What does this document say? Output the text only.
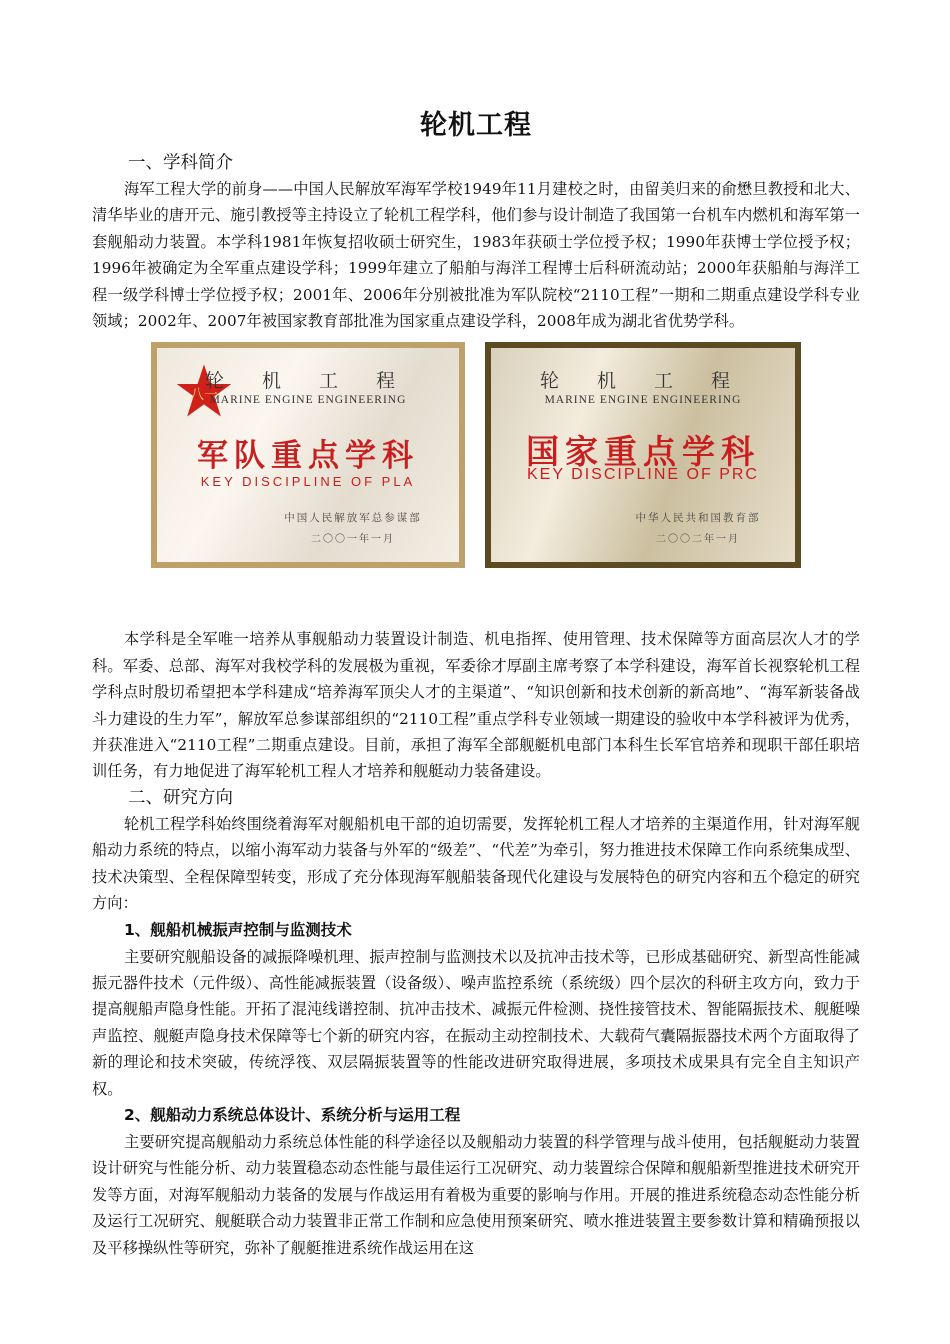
轮机工程
一、学科简介

海军工程大学的前身——中国人民解放军海军学校1949年11月建校之时，由留美归来的俞懋旦教授和北大、清华毕业的唐开元、施引教授等主持设立了轮机工程学科，他们参与设计制造了我国第一台机车内燃机和海军第一套舰船动力装置。本学科1981年恢复招收硕士研究生，1983年获硕士学位授予权；1990年获博士学位授予权；1996年被确定为全军重点建设学科；1999年建立了船舶与海洋工程博士后科研流动站；2000年获船舶与海洋工程一级学科博士学位授予权；2001年、2006年分别被批准为军队院校“2110工程”一期和二期重点建设学科专业领域；2002年、2007年被国家教育部批准为国家重点建设学科，2008年成为湖北省优势学科。

八一
轮 机 工 程
MARINE ENGINE ENGINEERING
军队重点学科
KEY DISCIPLINE OF PLA
中国人民解放军总参谋部
二〇〇一年一月
轮 机 工 程
MARINE ENGINE ENGINEERING
国家重点学科
KEY DISCIPLINE OF PRC
中华人民共和国教育部
二〇〇二年一月

本学科是全军唯一培养从事舰船动力装置设计制造、机电指挥、使用管理、技术保障等方面高层次人才的学科。军委、总部、海军对我校学科的发展极为重视，军委徐才厚副主席考察了本学科建设，海军首长视察轮机工程学科点时殷切希望把本学科建成“培养海军顶尖人才的主渠道”、“知识创新和技术创新的新高地”、“海军新装备战斗力建设的生力军”，解放军总参谋部组织的“2110工程”重点学科专业领域一期建设的验收中本学科被评为优秀，并获准进入“2110工程”二期重点建设。目前，承担了海军全部舰艇机电部门本科生长军官培养和现职干部任职培训任务，有力地促进了海军轮机工程人才培养和舰艇动力装备建设。

二、研究方向

轮机工程学科始终围绕着海军对舰船机电干部的迫切需要，发挥轮机工程人才培养的主渠道作用，针对海军舰船动力系统的特点，以缩小海军动力装备与外军的“级差”、“代差”为牵引，努力推进技术保障工作向系统集成型、技术决策型、全程保障型转变，形成了充分体现海军舰船装备现代化建设与发展特色的研究内容和五个稳定的研究方向：

1、舰船机械振声控制与监测技术

主要研究舰船设备的减振降噪机理、振声控制与监测技术以及抗冲击技术等，已形成基础研究、新型高性能减振元器件技术（元件级）、高性能减振装置（设备级）、噪声监控系统（系统级）四个层次的科研主攻方向，致力于提高舰船声隐身性能。开拓了混沌线谱控制、抗冲击技术、减振元件检测、挠性接管技术、智能隔振技术、舰艇噪声监控、舰艇声隐身技术保障等七个新的研究内容，在振动主动控制技术、大载荷气囊隔振器技术两个方面取得了新的理论和技术突破，传统浮筏、双层隔振装置等的性能改进研究取得进展，多项技术成果具有完全自主知识产权。

2、舰船动力系统总体设计、系统分析与运用工程

主要研究提高舰船动力系统总体性能的科学途径以及舰船动力装置的科学管理与战斗使用，包括舰艇动力装置设计研究与性能分析、动力装置稳态动态性能与最佳运行工况研究、动力装置综合保障和舰船新型推进技术研究开发等方面，对海军舰船动力装备的发展与作战运用有着极为重要的影响与作用。开展的推进系统稳态动态性能分析及运行工况研究、舰艇联合动力装置非正常工作制和应急使用预案研究、喷水推进装置主要参数计算和精确预报以及平移操纵性等研究，弥补了舰艇推进系统作战运用在这
